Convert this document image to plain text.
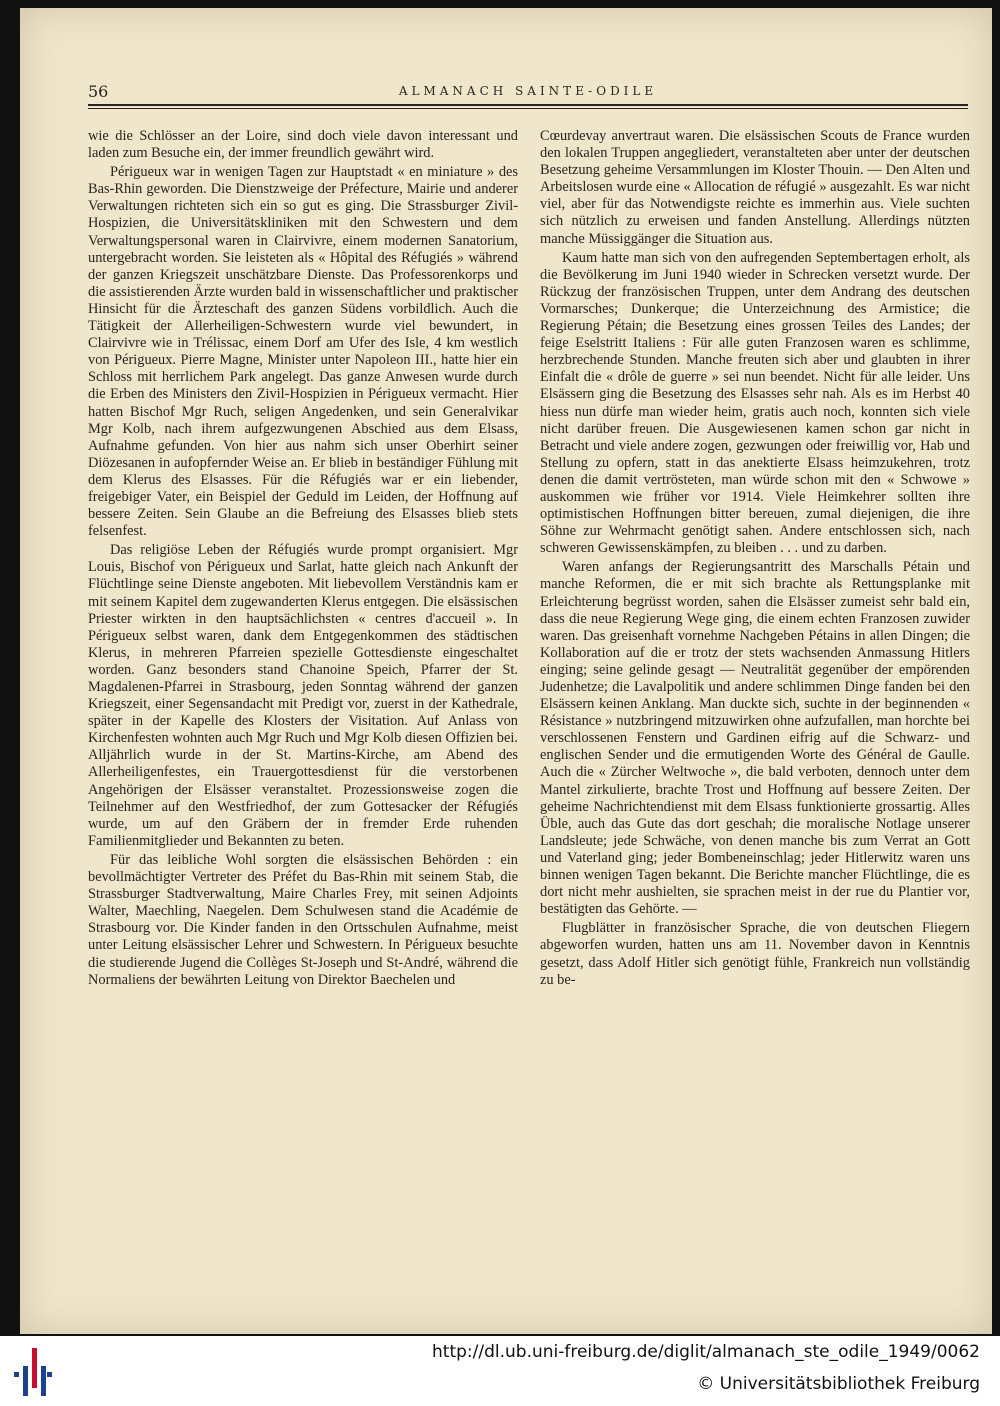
56	ALMANACH SAINTE-ODILE

wie die Schlösser an der Loire, sind doch viele davon interessant und laden zum Besuche ein, der immer freundlich gewährt wird.

Périgueux war in wenigen Tagen zur Hauptstadt « en miniature » des Bas-Rhin geworden. Die Dienstzweige der Préfecture, Mairie und anderer Verwaltungen richteten sich ein so gut es ging. Die Strassburger Zivil-Hospizien, die Universitätskliniken mit den Schwestern und dem Verwaltungspersonal waren in Clairvivre, einem modernen Sanatorium, untergebracht worden. Sie leisteten als « Hôpital des Réfugiés » während der ganzen Kriegszeit unschätzbare Dienste. Das Professorenkorps und die assistierenden Ärzte wurden bald in wissenschaftlicher und praktischer Hinsicht für die Ärzteschaft des ganzen Südens vorbildlich. Auch die Tätigkeit der Allerheiligen-Schwestern wurde viel bewundert, in Clairvivre wie in Trélissac, einem Dorf am Ufer des Isle, 4 km westlich von Périgueux. Pierre Magne, Minister unter Napoleon III., hatte hier ein Schloss mit herrlichem Park angelegt. Das ganze Anwesen wurde durch die Erben des Ministers den Zivil-Hospizien in Périgueux vermacht. Hier hatten Bischof Mgr Ruch, seligen Angedenken, und sein Generalvikar Mgr Kolb, nach ihrem aufgezwungenen Abschied aus dem Elsass, Aufnahme gefunden. Von hier aus nahm sich unser Oberhirt seiner Diözesanen in aufopfernder Weise an. Er blieb in beständiger Fühlung mit dem Klerus des Elsasses. Für die Réfugiés war er ein liebender, freigebiger Vater, ein Beispiel der Geduld im Leiden, der Hoffnung auf bessere Zeiten. Sein Glaube an die Befreiung des Elsasses blieb stets felsenfest.

Das religiöse Leben der Réfugiés wurde prompt organisiert. Mgr Louis, Bischof von Périgueux und Sarlat, hatte gleich nach Ankunft der Flüchtlinge seine Dienste angeboten. Mit liebevollem Verständnis kam er mit seinem Kapitel dem zugewanderten Klerus entgegen. Die elsässischen Priester wirkten in den hauptsächlichsten « centres d'accueil ». In Périgueux selbst waren, dank dem Entgegenkommen des städtischen Klerus, in mehreren Pfarreien spezielle Gottesdienste eingeschaltet worden. Ganz besonders stand Chanoine Speich, Pfarrer der St. Magdalenen-Pfarrei in Strasbourg, jeden Sonntag während der ganzen Kriegszeit, einer Segensandacht mit Predigt vor, zuerst in der Kathedrale, später in der Kapelle des Klosters der Visitation. Auf Anlass von Kirchenfesten wohnten auch Mgr Ruch und Mgr Kolb diesen Offizien bei. Alljährlich wurde in der St. Martins-Kirche, am Abend des Allerheiligenfestes, ein Trauergottesdienst für die verstorbenen Angehörigen der Elsässer veranstaltet. Prozessionsweise zogen die Teilnehmer auf den Westfriedhof, der zum Gottesacker der Réfugiés wurde, um auf den Gräbern der in fremder Erde ruhenden Familienmitglieder und Bekannten zu beten.

Für das leibliche Wohl sorgten die elsässischen Behörden : ein bevollmächtigter Vertreter des Préfet du Bas-Rhin mit seinem Stab, die Strassburger Stadtverwaltung, Maire Charles Frey, mit seinen Adjoints Walter, Maechling, Naegelen. Dem Schulwesen stand die Académie de Strasbourg vor. Die Kinder fanden in den Ortsschulen Aufnahme, meist unter Leitung elsässischer Lehrer und Schwestern. In Périgueux besuchte die studierende Jugend die Collèges St-Joseph und St-André, während die Normaliens der bewährten Leitung von Direktor Baechelen und

Cœurdevay anvertraut waren. Die elsässischen Scouts de France wurden den lokalen Truppen angegliedert, veranstalteten aber unter der deutschen Besetzung geheime Versammlungen im Kloster Thouin. — Den Alten und Arbeitslosen wurde eine « Allocation de réfugié » ausgezahlt. Es war nicht viel, aber für das Notwendigste reichte es immerhin aus. Viele suchten sich nützlich zu erweisen und fanden Anstellung. Allerdings nützten manche Müssiggänger die Situation aus.

Kaum hatte man sich von den aufregenden Septembertagen erholt, als die Bevölkerung im Juni 1940 wieder in Schrecken versetzt wurde. Der Rückzug der französischen Truppen, unter dem Andrang des deutschen Vormarsches; Dunkerque; die Unterzeichnung des Armistice; die Regierung Pétain; die Besetzung eines grossen Teiles des Landes; der feige Eselstritt Italiens : Für alle guten Franzosen waren es schlimme, herzbrechende Stunden. Manche freuten sich aber und glaubten in ihrer Einfalt die « drôle de guerre » sei nun beendet. Nicht für alle leider. Uns Elsässern ging die Besetzung des Elsasses sehr nah. Als es im Herbst 40 hiess nun dürfe man wieder heim, gratis auch noch, konnten sich viele nicht darüber freuen. Die Ausgewiesenen kamen schon gar nicht in Betracht und viele andere zogen, gezwungen oder freiwillig vor, Hab und Stellung zu opfern, statt in das anektierte Elsass heimzukehren, trotz denen die damit vertrösteten, man würde schon mit den « Schwowe » auskommen wie früher vor 1914. Viele Heimkehrer sollten ihre optimistischen Hoffnungen bitter bereuen, zumal diejenigen, die ihre Söhne zur Wehrmacht genötigt sahen. Andere entschlossen sich, nach schweren Gewissenskämpfen, zu bleiben . . . und zu darben.

Waren anfangs der Regierungsantritt des Marschalls Pétain und manche Reformen, die er mit sich brachte als Rettungsplanke mit Erleichterung begrüsst worden, sahen die Elsässer zumeist sehr bald ein, dass die neue Regierung Wege ging, die einem echten Franzosen zuwider waren. Das greisenhaft vornehme Nachgeben Pétains in allen Dingen; die Kollaboration auf die er trotz der stets wachsenden Anmassung Hitlers einging; seine gelinde gesagt — Neutralität gegenüber der empörenden Judenhetze; die Lavalpolitik und andere schlimmen Dinge fanden bei den Elsässern keinen Anklang. Man duckte sich, suchte in der beginnenden « Résistance » nutzbringend mitzuwirken ohne aufzufallen, man horchte bei verschlossenen Fenstern und Gardinen eifrig auf die Schwarz- und englischen Sender und die ermutigenden Worte des Général de Gaulle. Auch die « Zürcher Weltwoche », die bald verboten, dennoch unter dem Mantel zirkulierte, brachte Trost und Hoffnung auf bessere Zeiten. Der geheime Nachrichtendienst mit dem Elsass funktionierte grossartig. Alles Üble, auch das Gute das dort geschah; die moralische Notlage unserer Landsleute; jede Schwäche, von denen manche bis zum Verrat an Gott und Vaterland ging; jeder Bombeneinschlag; jeder Hitlerwitz waren uns binnen wenigen Tagen bekannt. Die Berichte mancher Flüchtlinge, die es dort nicht mehr aushielten, sie sprachen meist in der rue du Plantier vor, bestätigten das Gehörte. —

Flugblätter in französischer Sprache, die von deutschen Fliegern abgeworfen wurden, hatten uns am 11. November davon in Kenntnis gesetzt, dass Adolf Hitler sich genötigt fühle, Frankreich nun vollständig zu be-

http://dl.ub.uni-freiburg.de/diglit/almanach_ste_odile_1949/0062
© Universitätsbibliothek Freiburg
